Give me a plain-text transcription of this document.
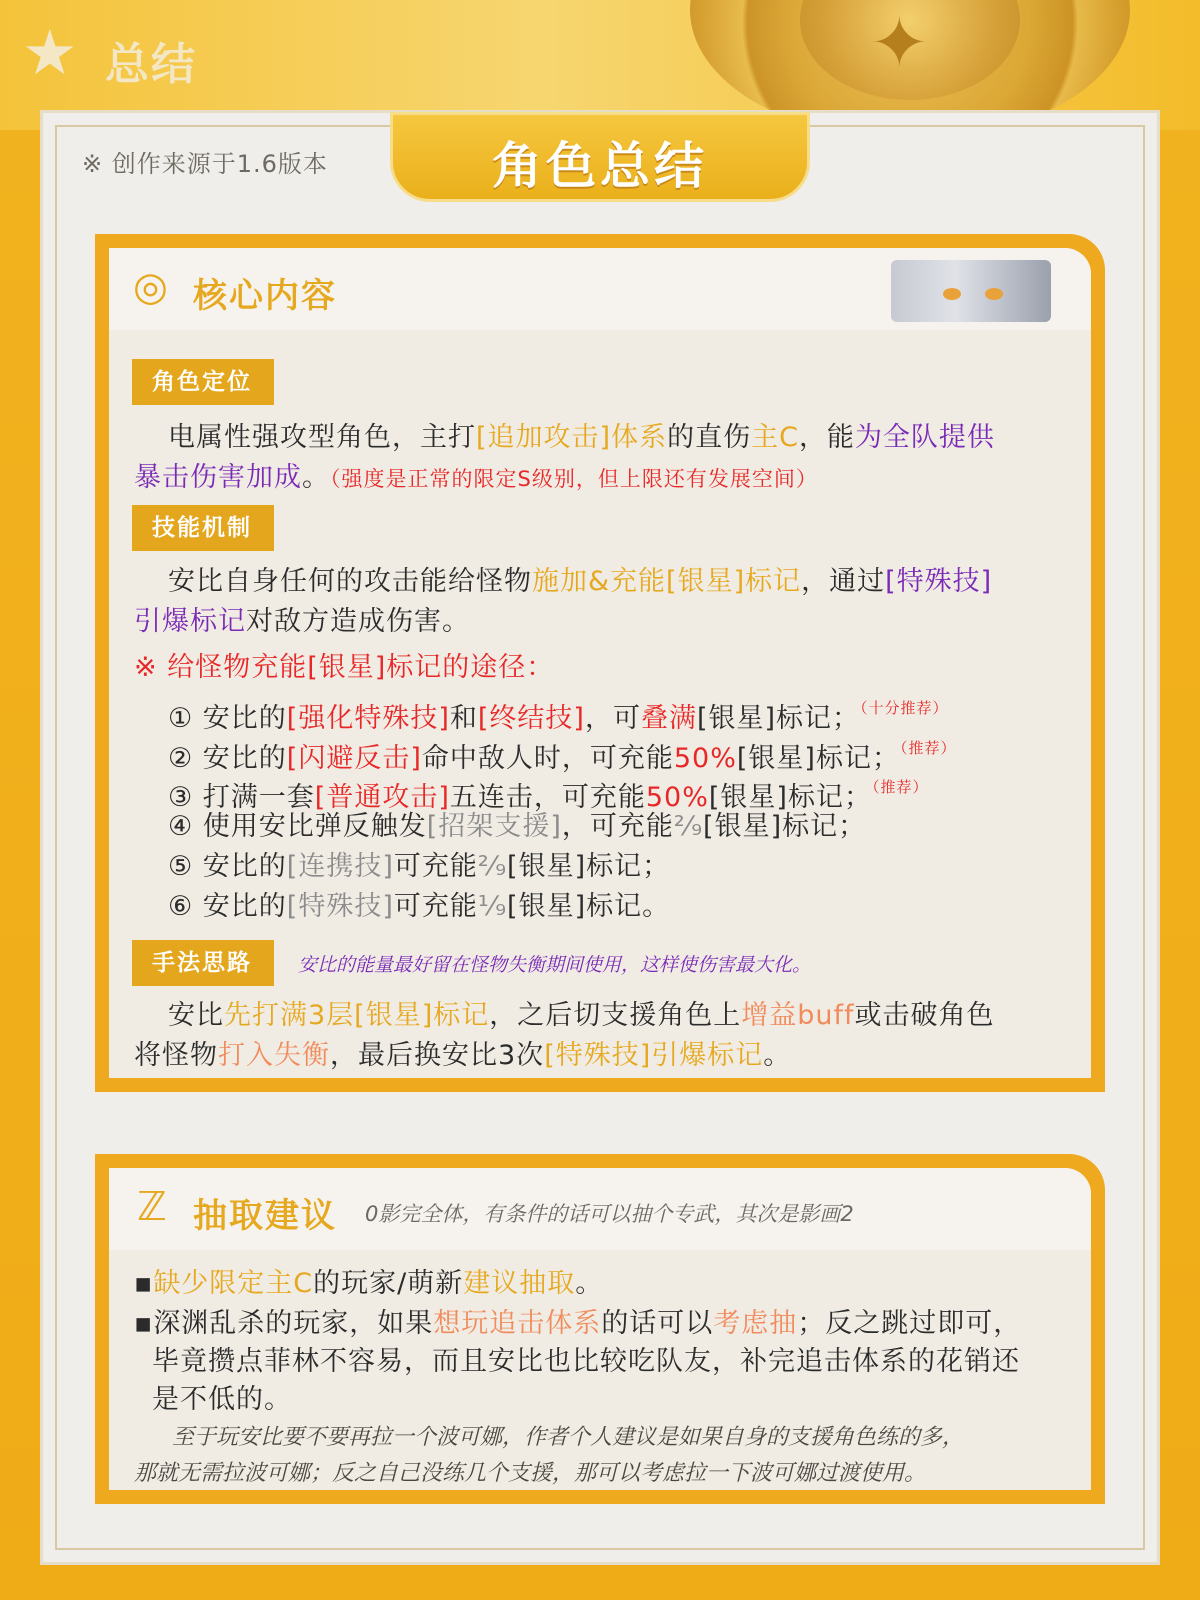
✦
★ 总结
※ 创作来源于1.6版本	角色总结
◎ 核心内容
角色定位
电属性强攻型角色，主打[追加攻击]体系的直伤主C，能为全队提供
暴击伤害加成。（强度是正常的限定S级别，但上限还有发展空间）
技能机制
安比自身任何的攻击能给怪物施加&充能[银星]标记，通过[特殊技]
引爆标记对敌方造成伤害。
※ 给怪物充能[银星]标记的途径：
① 安比的[强化特殊技]和[终结技]，可叠满[银星]标记；$^{(十分推荐)}$
② 安比的[闪避反击]命中敌人时，可充能50%[银星]标记；$^{(推荐)}$
③ 打满一套[普通攻击]五连击，可充能50%[银星]标记；$^{(推荐)}$
④ 使用安比弹反触发[招架支援]，可充能²⁄₉[银星]标记；
⑤ 安比的[连携技]可充能²⁄₉[银星]标记；
⑥ 安比的[特殊技]可充能¹⁄₉[银星]标记。
手法思路	安比的能量最好留在怪物失衡期间使用，这样使伤害最大化。
安比先打满3层[银星]标记，之后切支援角色上增益buff或击破角色
将怪物打入失衡，最后换安比3次[特殊技]引爆标记。
ℤ 抽取建议 0影完全体，有条件的话可以抽个专武，其次是影画2
▪缺少限定主C的玩家/萌新建议抽取。
▪深渊乱杀的玩家，如果想玩追击体系的话可以考虑抽；反之跳过即可，
毕竟攒点菲林不容易，而且安比也比较吃队友，补完追击体系的花销还
是不低的。
至于玩安比要不要再拉一个波可娜，作者个人建议是如果自身的支援角色练的多，
那就无需拉波可娜；反之自己没练几个支援，那可以考虑拉一下波可娜过渡使用。
